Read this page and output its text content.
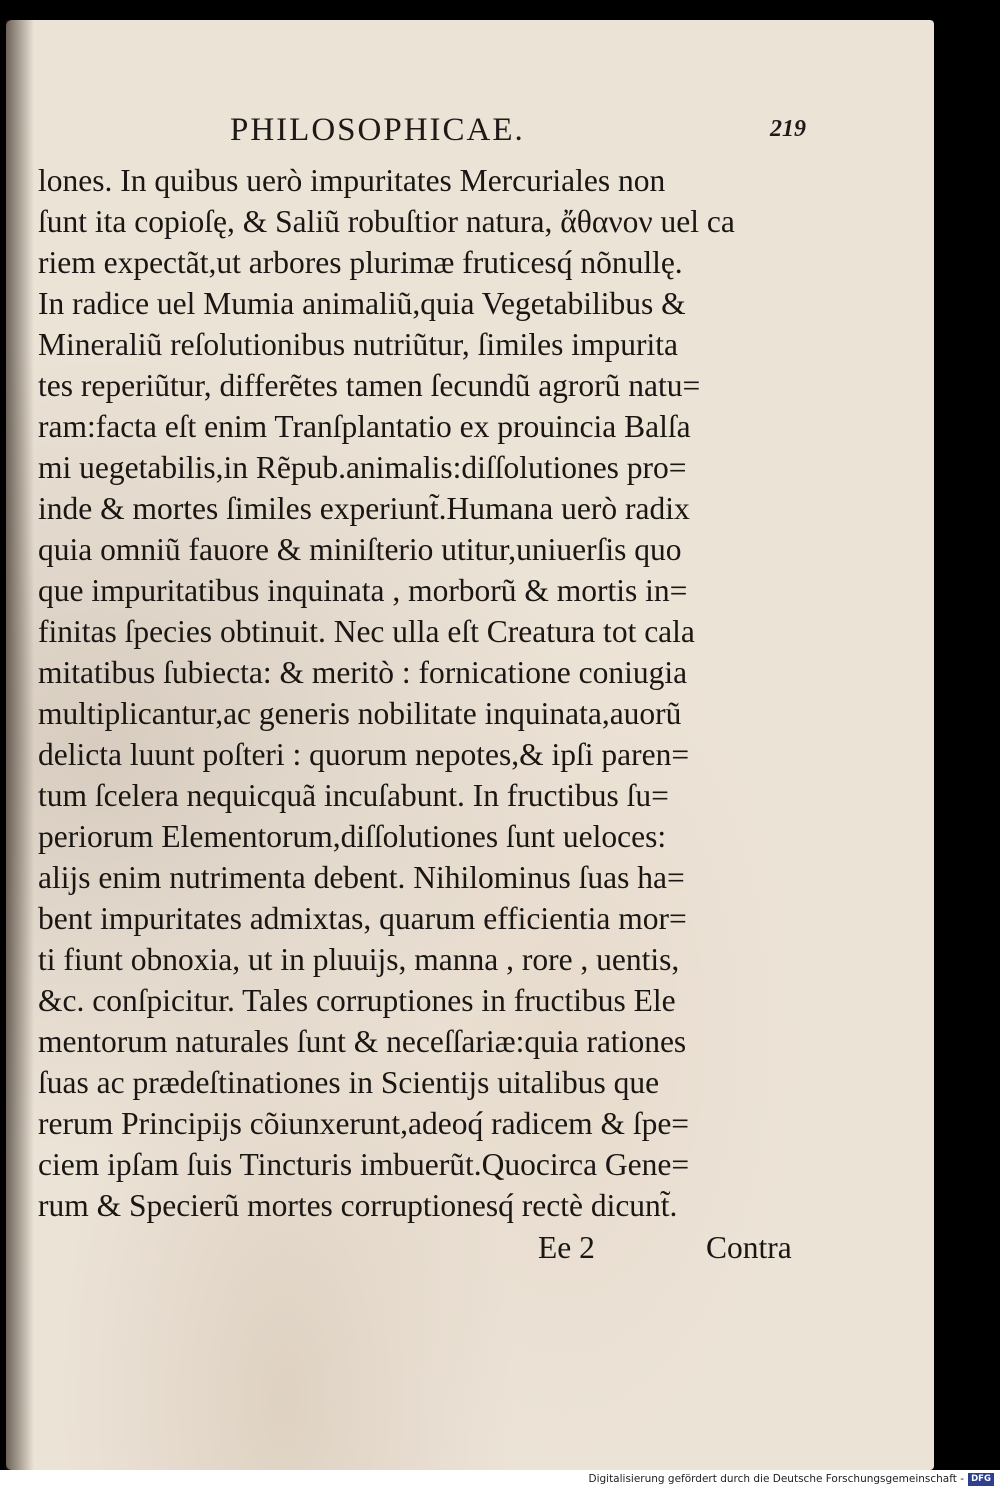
PHILOSOPHICAE.	219
lones. In quibus uerò impuritates Mercuriales non
ſunt ita copioſę, & Saliũ robuſtior natura, ἄθανον uel ca
riem expectãt,ut arbores plurimæ fruticesq́ nõnullę.
In radice uel Mumia animaliũ,quia Vegetabilibus &
Mineraliũ reſolutionibus nutriũtur, ſimiles impurita
tes reperiũtur, differẽtes tamen ſecundũ agrorũ natu=
ram:facta eſt enim Tranſplantatio ex prouincia Balſa
mi uegetabilis,in Rẽpub.animalis:diſſolutiones pro=
inde & mortes ſimiles experiunt̃.Humana uerò radix
quia omniũ fauore & miniſterio utitur,uniuerſis quo
que impuritatibus inquinata , morborũ & mortis in=
finitas ſpecies obtinuit. Nec ulla eſt Creatura tot cala
mitatibus ſubiecta: & meritò : fornicatione coniugia
multiplicantur,ac generis nobilitate inquinata,auorũ
delicta luunt poſteri : quorum nepotes,& ipſi paren=
tum ſcelera nequicquã incuſabunt. In fructibus ſu=
periorum Elementorum,diſſolutiones ſunt ueloces:
alijs enim nutrimenta debent. Nihilominus ſuas ha=
bent impuritates admixtas, quarum efficientia mor=
ti fiunt obnoxia, ut in pluuijs, manna , rore , uentis,
&c. conſpicitur. Tales corruptiones in fructibus Ele
mentorum naturales ſunt & neceſſariæ:quia rationes
ſuas ac prædeſtinationes in Scientijs uitalibus que
rerum Principijs cõiunxerunt,adeoq́ radicem & ſpe=
ciem ipſam ſuis Tincturis imbuerũt.Quocirca Gene=
rum & Specierũ mortes corruptionesq́ rectè dicunt̃.
Ee 2	Contra
Digitalisierung gefördert durch die Deutsche Forschungsgemeinschaft - DFG
